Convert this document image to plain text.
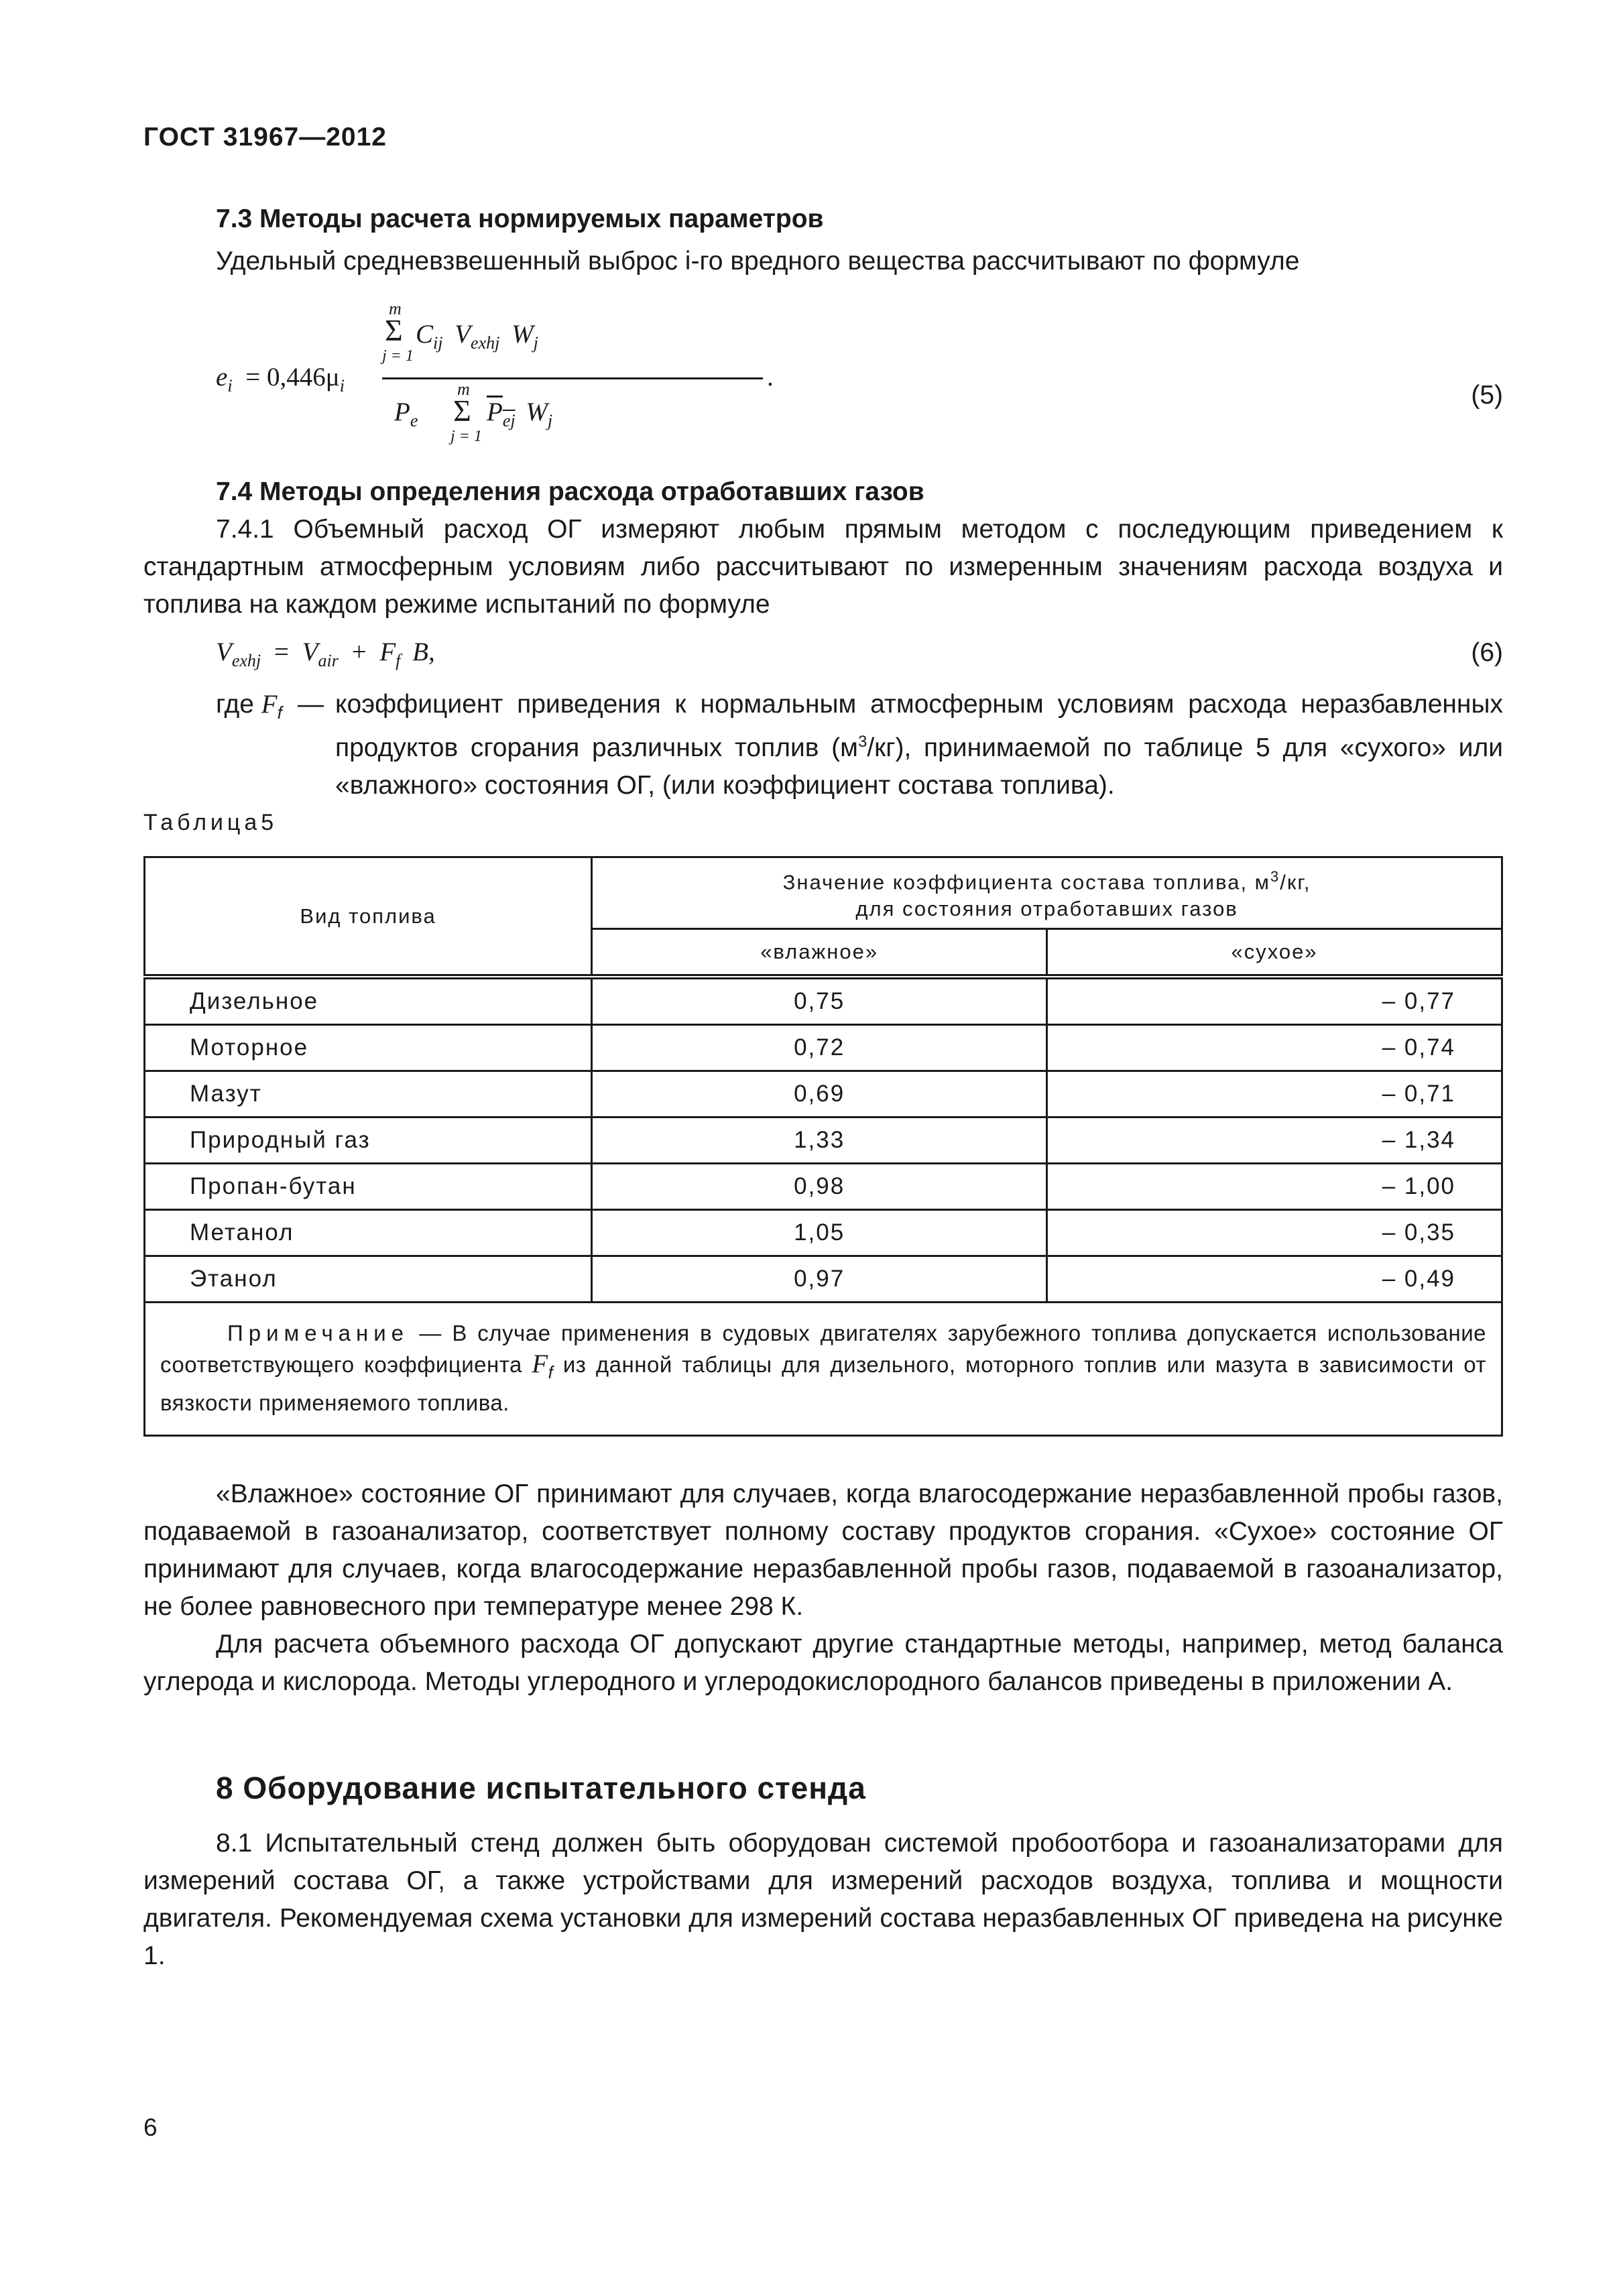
ГОСТ 31967—2012
7.3 Методы расчета нормируемых параметров
Удельный средневзвешенный выброс i-го вредного вещества рассчитывают по формуле
$e_i = 0,446\mu_i$
m
Σ
j = 1
$C_{ij}$ $V_{exhj}$ $W_j$
.
$P_e$
m
Σ
j = 1
$\overline{P}_{\overline{ej}}$ $W_j$
(5)
7.4 Методы определения расхода отработавших газов
7.4.1 Объемный расход ОГ измеряют любым прямым методом с последующим приведением к стандартным атмосферным условиям либо рассчитывают по измеренным значениям расхода воздуха и топлива на каждом режиме испытаний по формуле
$V_{exhj} = V_{air} + F_f$ B,	(6)
где $F_f$ — коэффициент приведения к нормальным атмосферным условиям расхода неразбавленных продуктов сгорания различных топлив $(м^3/кг)$, принимаемой по таблице 5 для «сухого» или «влажного» состояния ОГ, (или коэффициент состава топлива).
Таблица5
Вид топлива	Значение коэффициента состава топлива, $м^3/кг$,
для состояния отработавших газов	

	«влажное»	«сухое»
Дизельное	0,75	– 0,77
Моторное	0,72	– 0,74
Мазут	0,69	– 0,71
Природный газ	1,33	– 1,34
Пропан-бутан	0,98	– 1,00
Метанол	1,05	– 0,35
Этанол	0,97	– 0,49
Примечание — В случае применения в судовых двигателях зарубежного топлива допускается использование соответствующего коэффициента $F_f$ из данной таблицы для дизельного, моторного топлив или мазута в зависимости от вязкости применяемого топлива.		
«Влажное» состояние ОГ принимают для случаев, когда влагосодержание неразбавленной пробы газов, подаваемой в газоанализатор, соответствует полному составу продуктов сгорания. «Сухое» состояние ОГ принимают для случаев, когда влагосодержание неразбавленной пробы газов, подаваемой в газоанализатор, не более равновесного при температуре менее 298 К.
Для расчета объемного расхода ОГ допускают другие стандартные методы, например, метод баланса углерода и кислорода. Методы углеродного и углеродокислородного балансов приведены в приложении А.
8 Оборудование испытательного стенда
8.1 Испытательный стенд должен быть оборудован системой пробоотбора и газоанализаторами для измерений состава ОГ, а также устройствами для измерений расходов воздуха, топлива и мощности двигателя. Рекомендуемая схема установки для измерений состава неразбавленных ОГ приведена на рисунке 1.
6
